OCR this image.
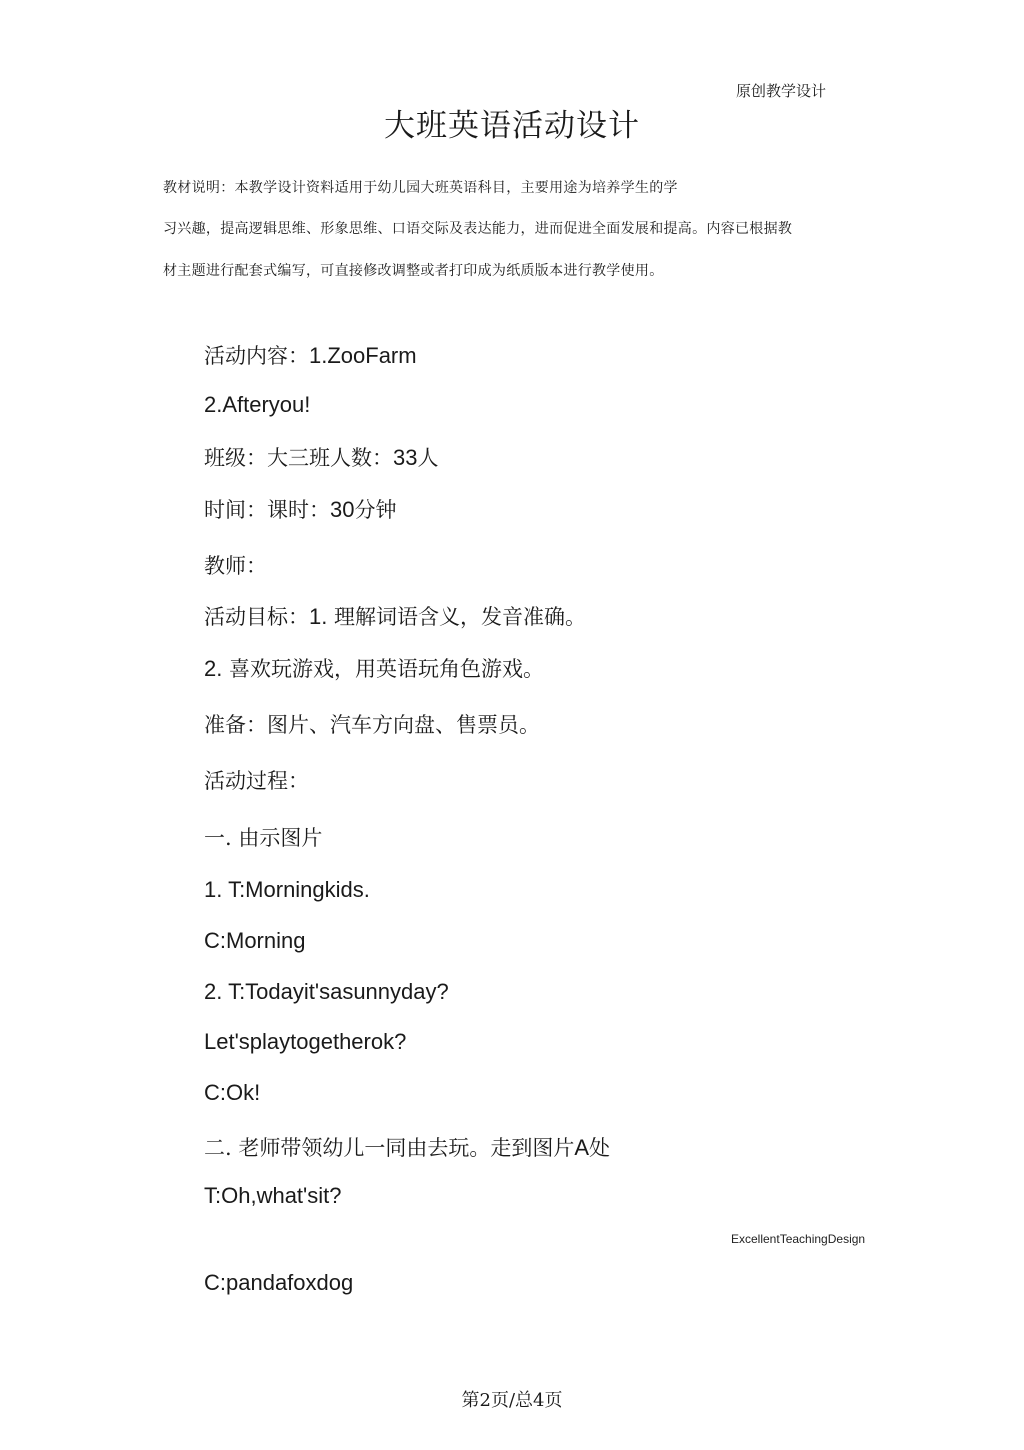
原创教学设计
大班英语活动设计
教材说明：本教学设计资料适用于幼儿园大班英语科目，主要用途为培养学生的学
习兴趣，提高逻辑思维、形象思维、口语交际及表达能力，进而促进全面发展和提高。内容已根据教
材主题进行配套式编写，可直接修改调整或者打印成为纸质版本进行教学使用。
活动内容：1.ZooFarm
2.Afteryou!
班级：大三班人数：33人
时间：课时：30分钟
教师：
活动目标：1. 理解词语含义，发音准确。
2. 喜欢玩游戏，用英语玩角色游戏。
准备：图片、汽车方向盘、售票员。
活动过程：
一. 由示图片
1. T:Morningkids.
C:Morning
2. T:Todayit'sasunnyday?
Let'splaytogetherok?
C:Ok!
二. 老师带领幼儿一同由去玩。走到图片A处
T:Oh,what'sit?
ExcellentTeachingDesign
C:pandafoxdog
第2页/总4页
